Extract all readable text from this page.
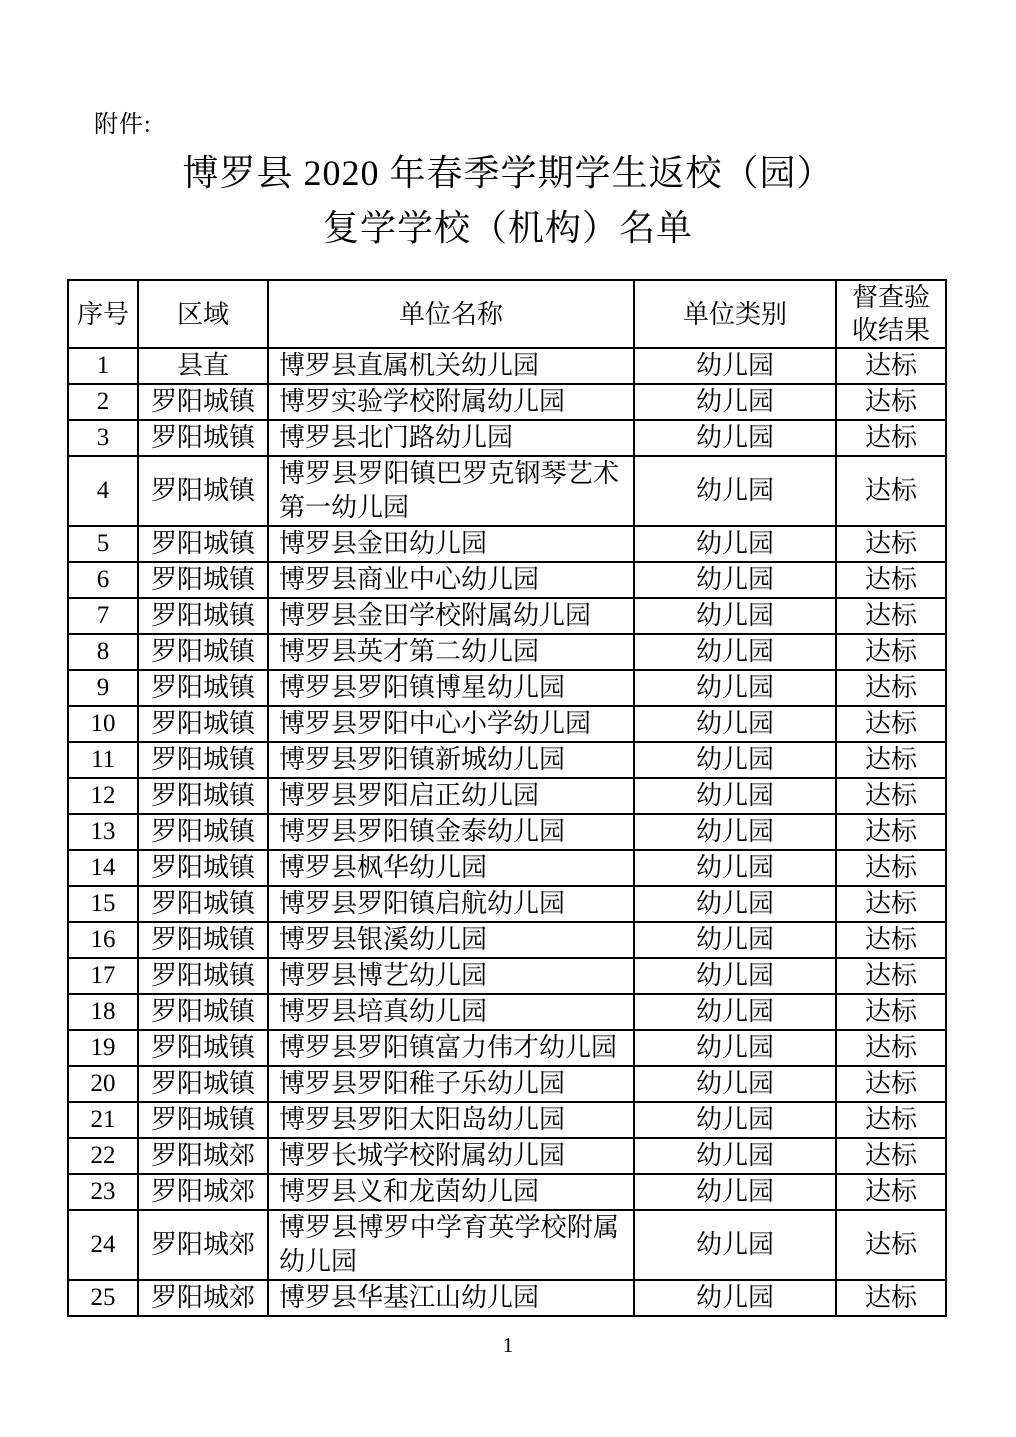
附件:
博罗县 2020 年春季学期学生返校（园）
复学学校（机构）名单
序号	区域	单位名称	单位类别	督查验收结果
1	县直	博罗县直属机关幼儿园	幼儿园	达标
2	罗阳城镇	博罗实验学校附属幼儿园	幼儿园	达标
3	罗阳城镇	博罗县北门路幼儿园	幼儿园	达标
4	罗阳城镇	博罗县罗阳镇巴罗克钢琴艺术第一幼儿园	幼儿园	达标
5	罗阳城镇	博罗县金田幼儿园	幼儿园	达标
6	罗阳城镇	博罗县商业中心幼儿园	幼儿园	达标
7	罗阳城镇	博罗县金田学校附属幼儿园	幼儿园	达标
8	罗阳城镇	博罗县英才第二幼儿园	幼儿园	达标
9	罗阳城镇	博罗县罗阳镇博星幼儿园	幼儿园	达标
10	罗阳城镇	博罗县罗阳中心小学幼儿园	幼儿园	达标
11	罗阳城镇	博罗县罗阳镇新城幼儿园	幼儿园	达标
12	罗阳城镇	博罗县罗阳启正幼儿园	幼儿园	达标
13	罗阳城镇	博罗县罗阳镇金泰幼儿园	幼儿园	达标
14	罗阳城镇	博罗县枫华幼儿园	幼儿园	达标
15	罗阳城镇	博罗县罗阳镇启航幼儿园	幼儿园	达标
16	罗阳城镇	博罗县银溪幼儿园	幼儿园	达标
17	罗阳城镇	博罗县博艺幼儿园	幼儿园	达标
18	罗阳城镇	博罗县培真幼儿园	幼儿园	达标
19	罗阳城镇	博罗县罗阳镇富力伟才幼儿园	幼儿园	达标
20	罗阳城镇	博罗县罗阳稚子乐幼儿园	幼儿园	达标
21	罗阳城镇	博罗县罗阳太阳岛幼儿园	幼儿园	达标
22	罗阳城郊	博罗长城学校附属幼儿园	幼儿园	达标
23	罗阳城郊	博罗县义和龙茵幼儿园	幼儿园	达标
24	罗阳城郊	博罗县博罗中学育英学校附属幼儿园	幼儿园	达标
25	罗阳城郊	博罗县华基江山幼儿园	幼儿园	达标
1
